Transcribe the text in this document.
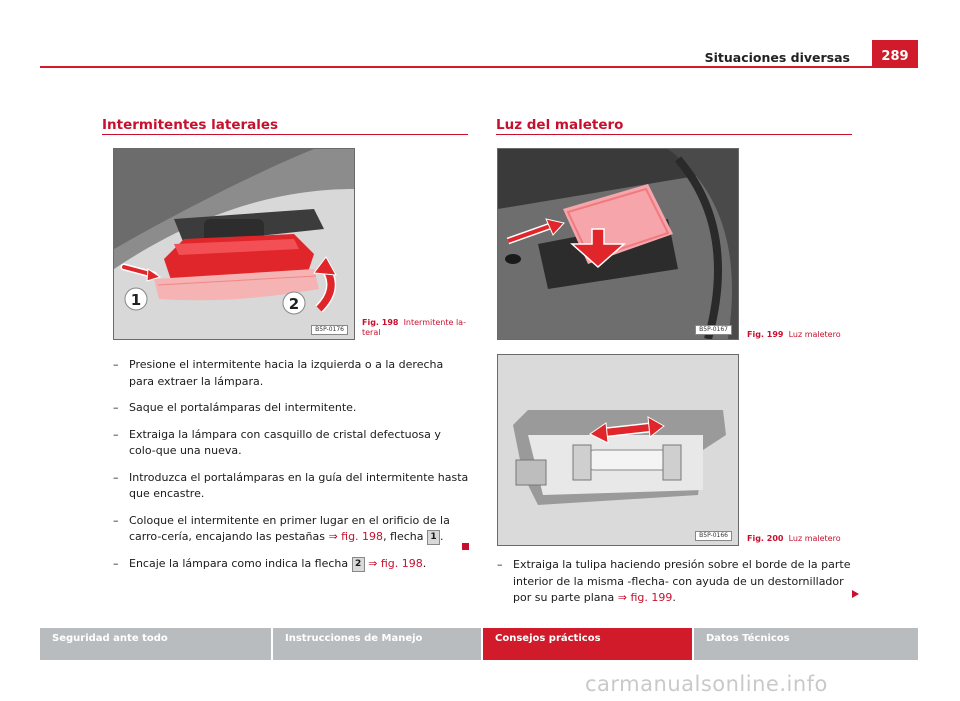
Situaciones diversas	289
Intermitentes laterales
1	2
B5P-0176
Fig. 198 Intermitente la-teral
– Presione el intermitente hacia la izquierda o a la derecha para extraer la lámpara.
– Saque el portalámparas del intermitente.
– Extraiga la lámpara con casquillo de cristal defectuosa y colo-que una nueva.
– Introduzca el portalámparas en la guía del intermitente hasta que encastre.
– Coloque el intermitente en primer lugar en el orificio de la carro-cería, encajando las pestañas ⇒ fig. 198, flecha 1 .
– Encaje la lámpara como indica la flecha 2 ⇒ fig. 198.
Luz del maletero
B5P-0167
Fig. 199 Luz maletero
B5P-0166	Fig. 200 Luz maletero
– Extraiga la tulipa haciendo presión sobre el borde de la parte interior de la misma -flecha- con ayuda de un destornillador por su parte plana ⇒ fig. 199.
Seguridad ante todo	Instrucciones de Manejo	Consejos prácticos	Datos Técnicos
carmanualsonline.info
